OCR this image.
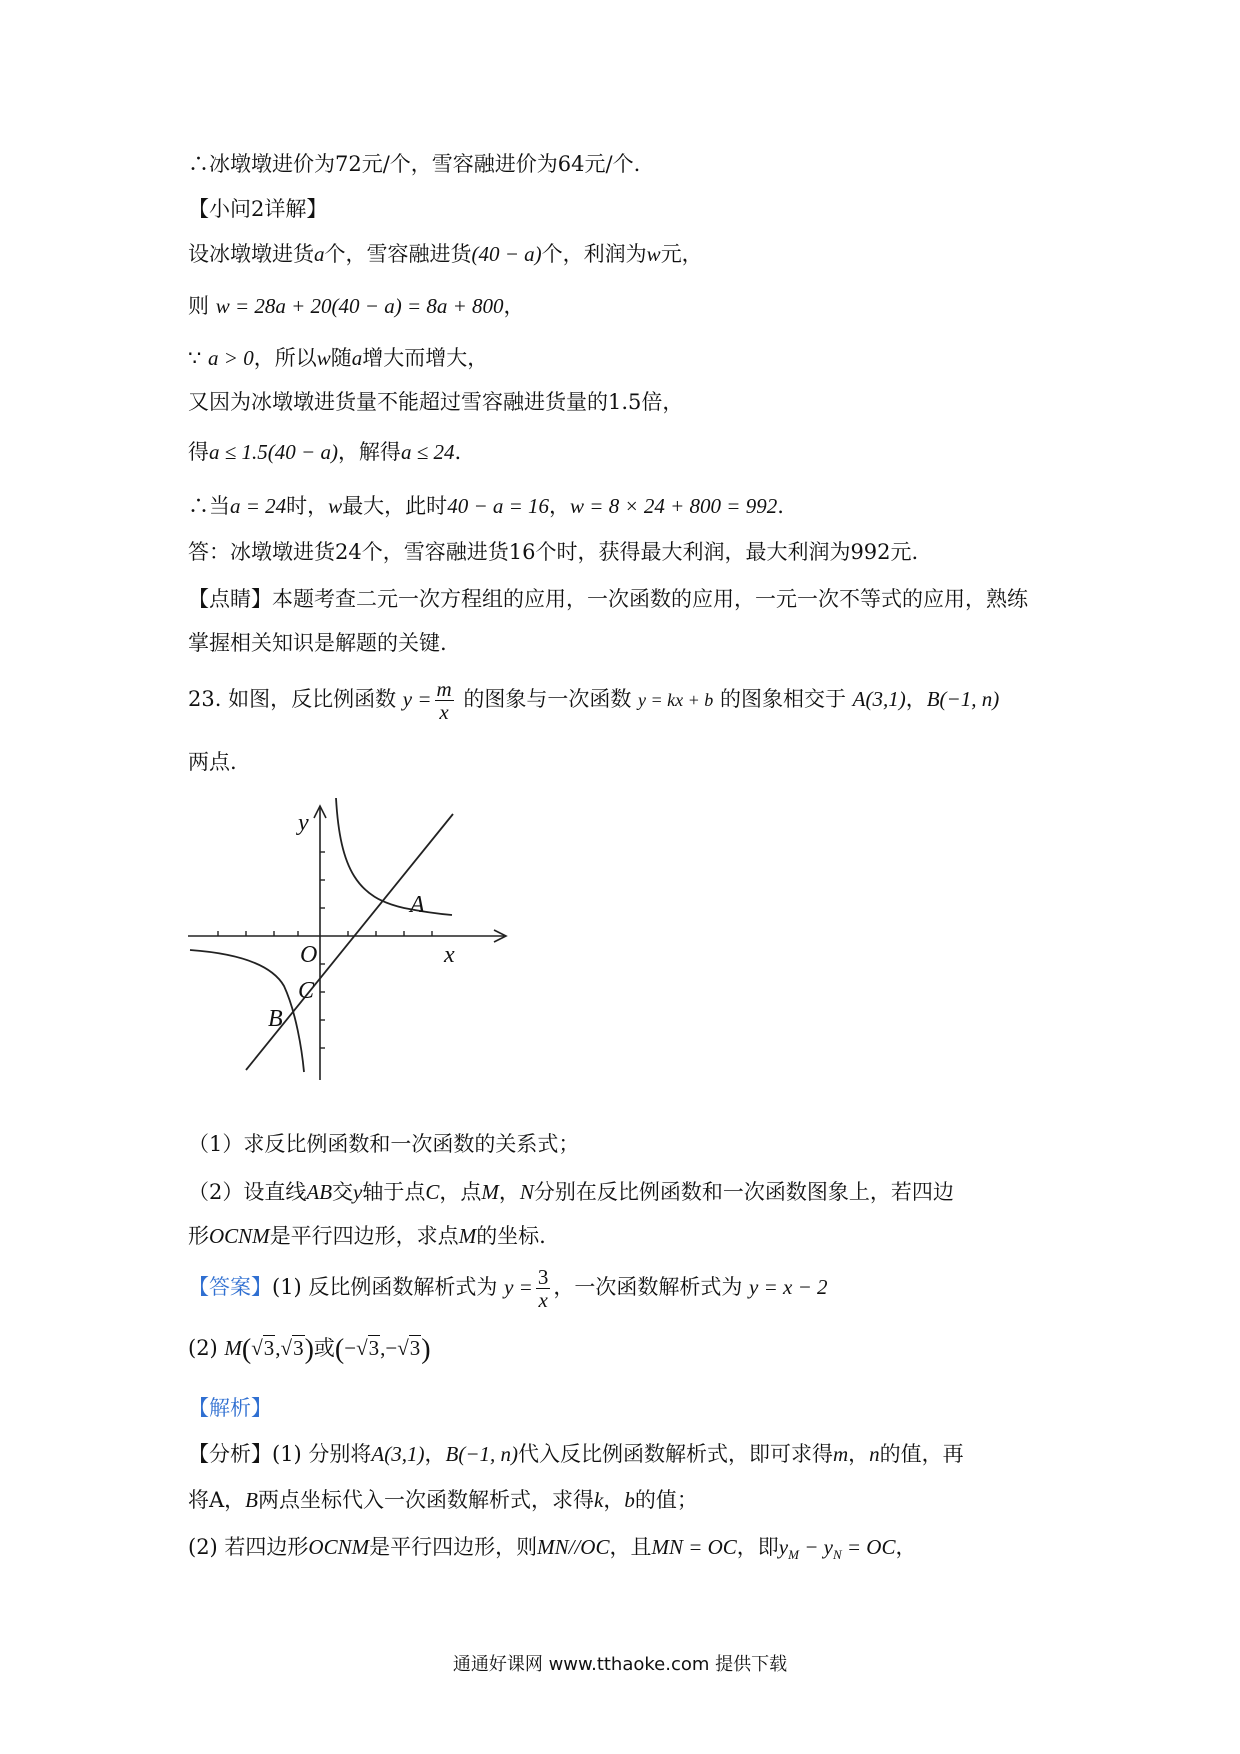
∴冰墩墩进价为72元/个，雪容融进价为64元/个.
【小问2详解】
设冰墩墩进货a个，雪容融进货(40 − a)个，利润为w元，
则 w = 28a + 20(40 − a) = 8a + 800，
∵ a > 0，所以w随a增大而增大，
又因为冰墩墩进货量不能超过雪容融进货量的1.5倍，
得a ≤ 1.5(40 − a)，解得a ≤ 24.
∴当a = 24时，w最大，此时40 − a = 16，w = 8 × 24 + 800 = 992.
答：冰墩墩进货24个，雪容融进货16个时，获得最大利润，最大利润为992元.
【点睛】本题考查二元一次方程组的应用，一次函数的应用，一元一次不等式的应用，熟练
掌握相关知识是解题的关键.
23. 如图，反比例函数 $y = \frac{m}{x}$ 的图象与一次函数 y = kx + b 的图象相交于 A(3,1)，B(−1, n)
两点.
y
x
O
A
B
C
（1）求反比例函数和一次函数的关系式；
（2）设直线AB交y轴于点C，点M，N分别在反比例函数和一次函数图象上，若四边
形OCNM是平行四边形，求点M的坐标.
【答案】(1) 反比例函数解析式为 $y = \frac{3}{x}$ ，一次函数解析式为 y = x − 2
(2) M(√3,√3)或(−√3,−√3)
【解析】
【分析】(1) 分别将A(3,1)，B(−1, n)代入反比例函数解析式，即可求得m，n的值，再
将A，B两点坐标代入一次函数解析式，求得k，b的值；
(2) 若四边形OCNM是平行四边形，则MN//OC，且MN = OC，即$y_M - y_N$ = OC，
通通好课网 www.tthaoke.com 提供下载
